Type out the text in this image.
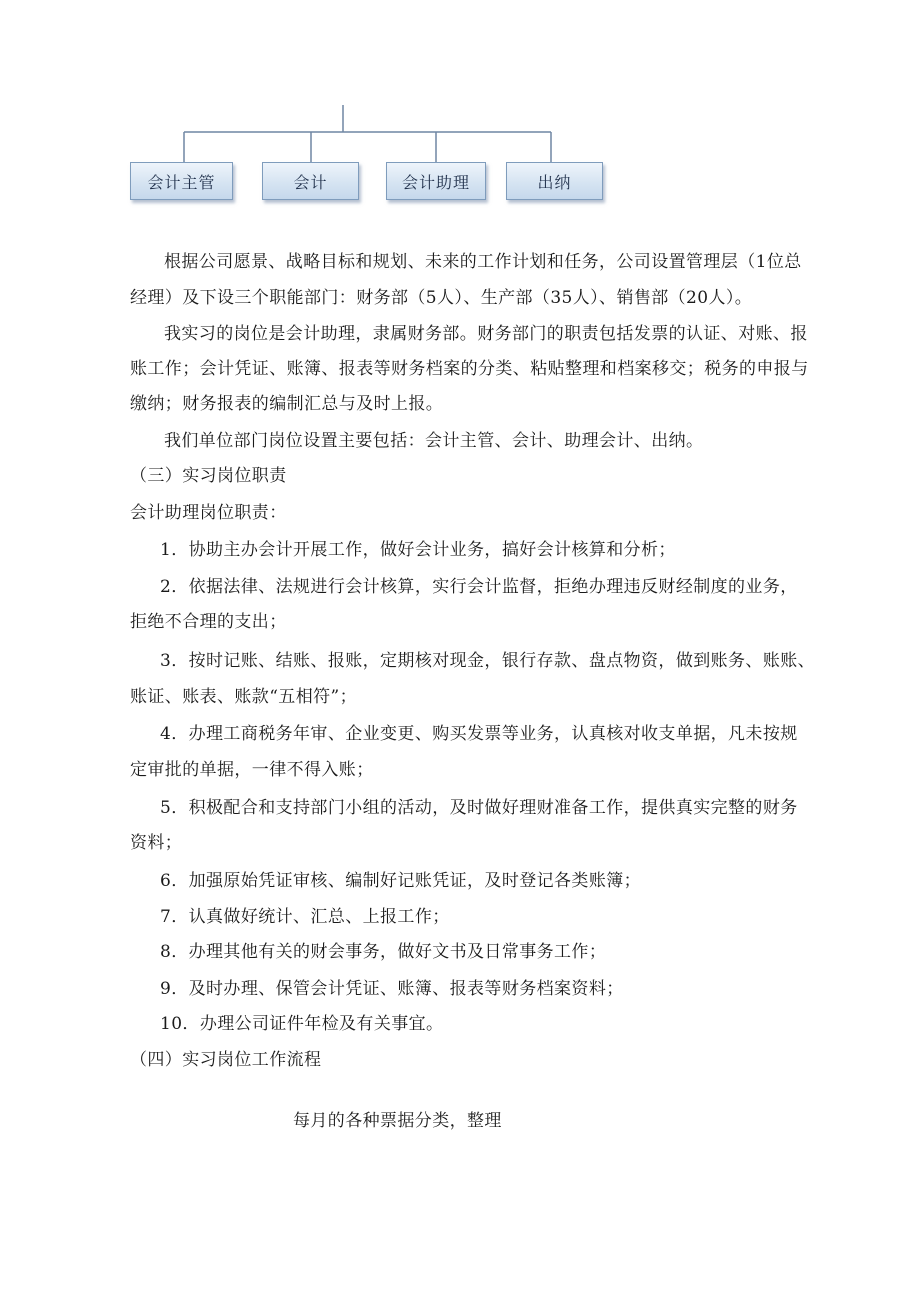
会计主管	会计	会计助理	出纳
根据公司愿景、战略目标和规划、未来的工作计划和任务，公司设置管理层（1位总
经理）及下设三个职能部门：财务部（5人）、生产部（35人）、销售部（20人）。
我实习的岗位是会计助理，隶属财务部。财务部门的职责包括发票的认证、对账、报
账工作；会计凭证、账簿、报表等财务档案的分类、粘贴整理和档案移交；税务的申报与
缴纳；财务报表的编制汇总与及时上报。
我们单位部门岗位设置主要包括：会计主管、会计、助理会计、出纳。
（三）实习岗位职责
会计助理岗位职责：
1．协助主办会计开展工作，做好会计业务，搞好会计核算和分析；
2．依据法律、法规进行会计核算，实行会计监督，拒绝办理违反财经制度的业务，
拒绝不合理的支出；
3．按时记账、结账、报账，定期核对现金，银行存款、盘点物资，做到账务、账账、
账证、账表、账款“五相符”；
4．办理工商税务年审、企业变更、购买发票等业务，认真核对收支单据，凡未按规
定审批的单据，一律不得入账；
5．积极配合和支持部门小组的活动，及时做好理财准备工作，提供真实完整的财务
资料；
6．加强原始凭证审核、编制好记账凭证，及时登记各类账簿；
7．认真做好统计、汇总、上报工作；
8．办理其他有关的财会事务，做好文书及日常事务工作；
9．及时办理、保管会计凭证、账簿、报表等财务档案资料；
10．办理公司证件年检及有关事宜。
（四）实习岗位工作流程
每月的各种票据分类，整理
